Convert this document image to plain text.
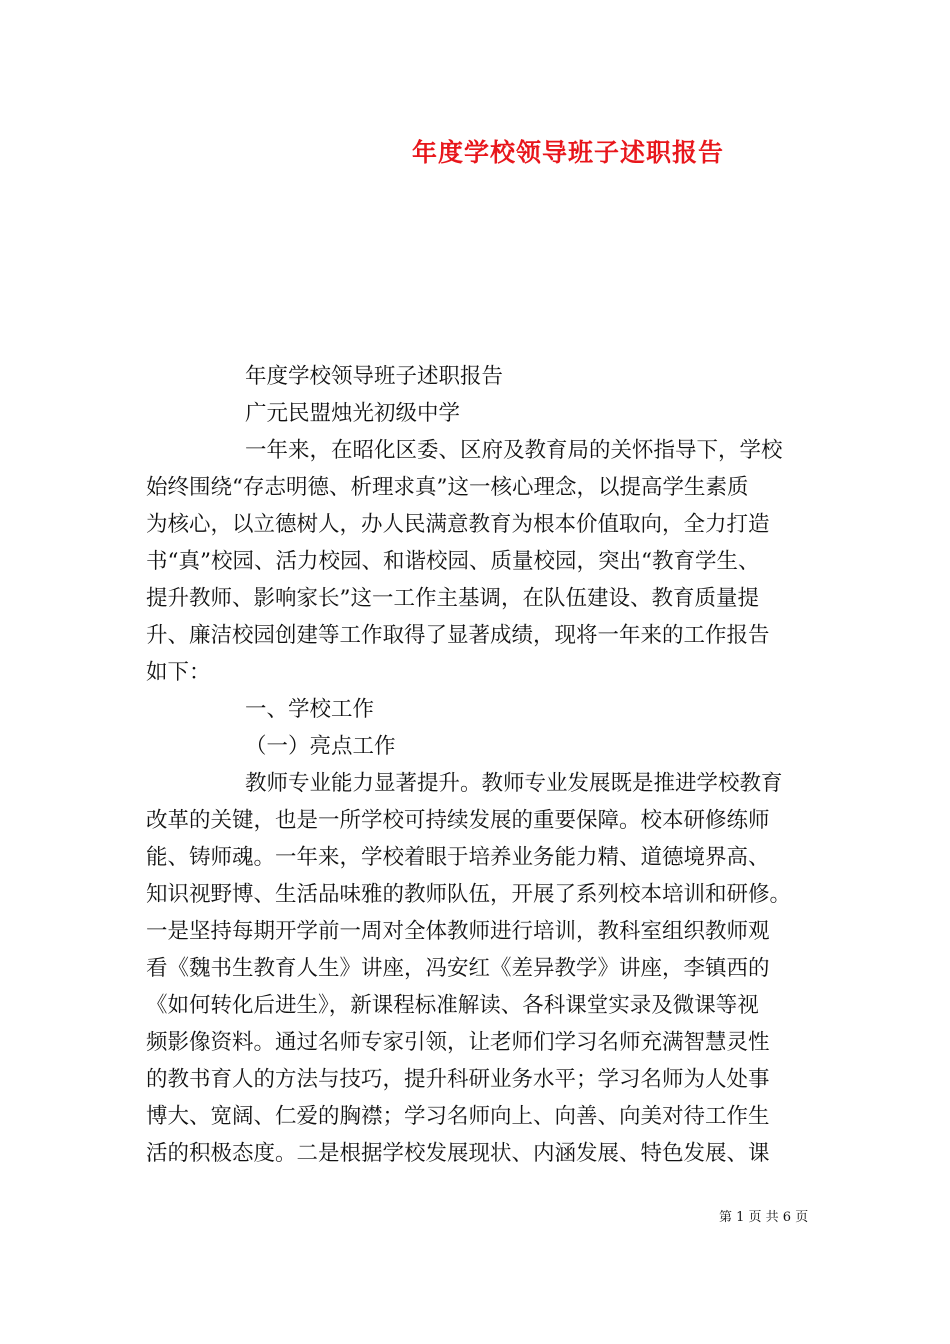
年度学校领导班子述职报告
年度学校领导班子述职报告
广元民盟烛光初级中学
一年来，在昭化区委、区府及教育局的关怀指导下，学校
始终围绕“存志明德、析理求真”这一核心理念，以提高学生素质
为核心，以立德树人，办人民满意教育为根本价值取向，全力打造
书“真”校园、活力校园、和谐校园、质量校园，突出“教育学生、
提升教师、影响家长”这一工作主基调，在队伍建设、教育质量提
升、廉洁校园创建等工作取得了显著成绩，现将一年来的工作报告
如下：
一、学校工作
（一）亮点工作
教师专业能力显著提升。教师专业发展既是推进学校教育
改革的关键，也是一所学校可持续发展的重要保障。校本研修练师
能、铸师魂。一年来，学校着眼于培养业务能力精、道德境界高、
知识视野博、生活品味雅的教师队伍，开展了系列校本培训和研修。
一是坚持每期开学前一周对全体教师进行培训，教科室组织教师观
看《魏书生教育人生》讲座，冯安红《差异教学》讲座，李镇西的
《如何转化后进生》，新课程标准解读、各科课堂实录及微课等视
频影像资料。通过名师专家引领，让老师们学习名师充满智慧灵性
的教书育人的方法与技巧，提升科研业务水平；学习名师为人处事
博大、宽阔、仁爱的胸襟；学习名师向上、向善、向美对待工作生
活的积极态度。二是根据学校发展现状、内涵发展、特色发展、课
第 1 页 共 6 页
